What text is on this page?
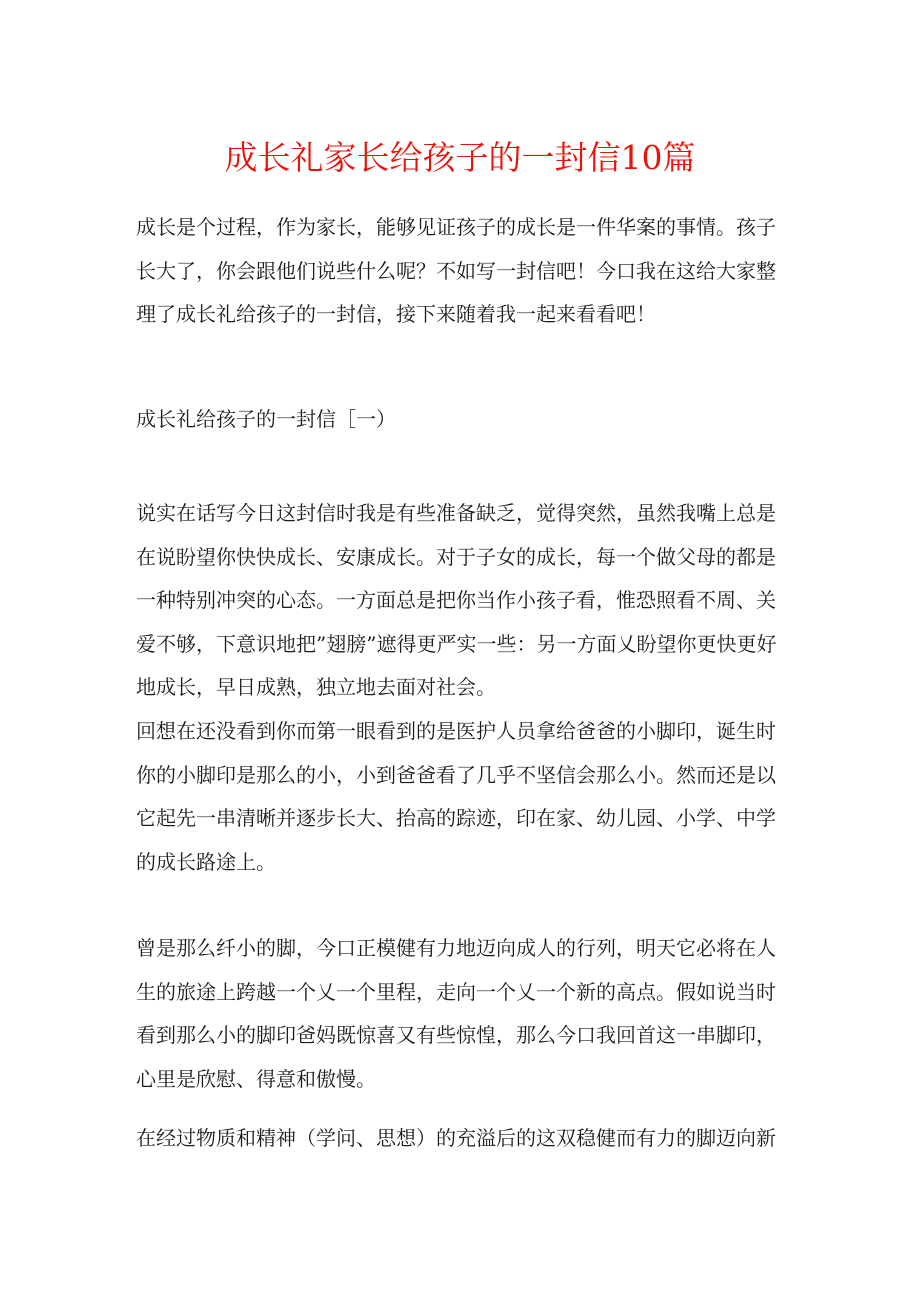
成长礼家长给孩子的一封信10篇

成长是个过程，作为家长，能够见证孩子的成长是一件华案的事情。孩子长大了，你会跟他们说些什么呢？不如写一封信吧！今口我在这给大家整理了成长礼给孩子的一封信，接下来随着我一起来看看吧！

成长礼给孩子的一封信［一）

说实在话写今日这封信时我是有些准备缺乏，觉得突然，虽然我嘴上总是在说盼望你快快成长、安康成长。对于子女的成长，每一个做父母的都是一种特别冲突的心态。一方面总是把你当作小孩子看，惟恐照看不周、关爱不够，下意识地把”翅膀”遮得更严实一些：另一方面乂盼望你更快更好地成长，早日成熟，独立地去面对社会。

回想在还没看到你而第一眼看到的是医护人员拿给爸爸的小脚印，诞生时你的小脚印是那么的小，小到爸爸看了几乎不坚信会那么小。然而还是以它起先一串清晰并逐步长大、抬高的踪迹，印在家、幼儿园、小学、中学的成长路途上。

曾是那么纤小的脚，今口正模健有力地迈向成人的行列，明天它必将在人生的旅途上跨越一个乂一个里程，走向一个乂一个新的高点。假如说当时看到那么小的脚印爸妈既惊喜又有些惊惶，那么今口我回首这一串脚印，心里是欣慰、得意和傲慢。

在经过物质和精神（学问、思想）的充溢后的这双稳健而有力的脚迈向新
